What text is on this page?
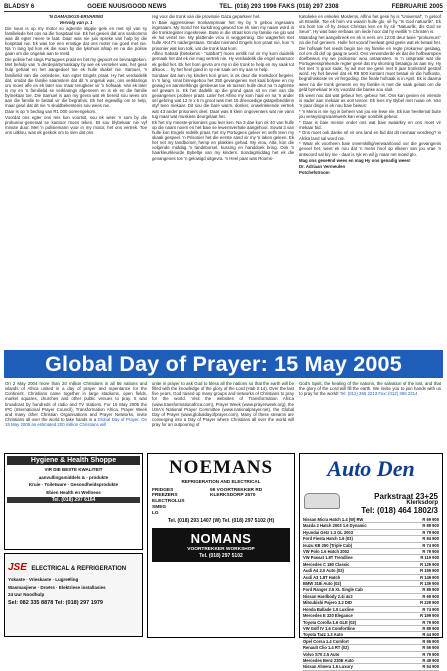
BLADSY 6	GOEIE NUUS/GOOD NEWS	TEL. (018) 293 1996 FAKS (018) 297 2308	FEBRUARIE 2005

'N DAMASKUS-ERVARING

Vervolg van p. 1

Die soun is op my motor so agterste stippie gele en met syl van sy familielede het ons na die hospitaal toe. Ek het gesien dat ons sankomms was dit egter neere te laat. Daar was nie juis spreke van hulp by die hospitaal nie. Ek was toe een ernstige dat ons moter nie goed met nie. Na 'n lang tyd kon ek die soun by die lykshuis afsap en na die polisie gaan om die ongeluk aan te meld.

Die polisie het slegs Portugees praat en het my gepoort en bevraagteken. Met behulp van 'n derdepartymaskapy by wie ek verseker was, het gesé hulp gehaal en het aangedoel toe ek hulle skakel nie. Samuel, 'n familielid van die oorledene, kon egter Engels praat. Hy het verduidelik dat, omdat die familie saamstem dat dit 'n ongeluk was, ons verklarings oru moes afle en ek later sou maar terugkeer vir 'n hofsaak. Van ek later is my en 'n familielid se verklarings afgeneem en is ek en die familie bymekaar toe. Die Samuel is aan my gevra wat ek bereid sou wees om aan die familie te betaal vir die begrafnis. Ek het ingewillig om te help, maar gesé dat dit nie 'n skuldbekentenis sou wees nie.

Daar is op 'n bedrag van R1 000 ooreengekom.

Voordat ons egter ons reis kon voortsit, sou ek weer 'n som by die prokureur-generaal se kantoor moes teken. Bt sou blybekaar nie vyf minute duur. Met 'n polisiemann voor in my motor, het ons vertrek. Toe ons uitklou, was ek geskok om te sien dat ons

reg voor die tronk van die provinsie Gaza geparkeer het.

In Baie aggressiewe tronkampmaar het my by 'n gebou ingesaam ingesaam. My mond het kurkdroog geword toe ek sien my naam word in die tronkregister ingeskrewe. Buite in die straat kon my familie nie glo wat ek hul vertel nie. My plattende vrou is woggetrang. Die wagterhet met hulle AK47's nadergestaan. Omdat niemand Engels kon praat nie, kon 'n prisonier wat kon tolk, vat die tronk laat kom.

Alfino Sabata (betekenis - "sabbat") moes eintlik not vir my kom duidelik gemaak het dat ek nie mag vertrek nie. Hy verduidelik die engel waarsoor ek gebid het. Ek het hom gevra om my in die tronk te help en my saak tot afkoos ... hy het heel goed in sy eie saak om my aan te help.

Sondaar dat aan my kinders kon groet, is ek deur die tronkdoor begelei. In 'n lang, smal binnegebou het 250 gevangenes met kaal bolywe en my gewag en aanmerklings gesleeuw toe ek tussen hulle deur na 'n agterste sel gewam is. Ek het dadelik op die grond gaan sit en met van die gevangenes probeer praat. Later het Alfino my kom haal en na 'n ander sel gebring wat 12 m x 6 m groot was met 15 drievoedige gstapelbeddens styf teen mekaar. Dit sou die bare warm, donker, onwelriekende vertrek wat 43 ander prisoniers deel. Daar was 8 klein ongeventers wat nie vann tug maar wat muskiete deurgelaat het.

Ek het my meeste-prisoniers gou leer ken. Na 3 dae kon ek 40 van hulle op die naam noem en het baie se lewensverhale aangehoor. Sowat 3 van hulle kon Engels redelik praat, het my Portugees geleer en selfs teen my skaak gespeel. 'n Prisonier het die eerste sand vir my 'n laken geleen. Ek het net my tandborsel, hemp en plakkies gehad. My vrou, Alta, kon die volgende middag 'n tandeborsel, kussing en handdoek bring. Ook 'n haarkleurkleurde Bybeltje van my kinders. Sondagmiddag het ek die gevangenes toe 'n gelowigd uitgevra. 'n Heel paar was Rooms-

Katolieke en enkeles Moslems. Alfino het gesé hy is "Universal", 'n geloof uit Brasilië. Toe ek hom vra waarin hulle glo, sê hy "In God natuurlik". Ek vra hom toe of hy Jesus Christus ken en hy sê "Natuurlik, dis God se Seun". Hy was baie verbaas om liede hoor dat hy ewitlik 'n Christen is.

Maandag het aangebreek en ek is eers om 12:00 deur twee "prokureurs" na die hof geneem. Hulle het vooraf heelwat geld geëis wat ek betaal het. Die hofsaak het reeds begin toe my familie en regte prokureur geslaag, nol om dit dof op gaag te word. Ons verwonderde ek dat die hofbeampies doelbewus my we prokureur wou ontaansten. In 'n uitspraak wat die Portugeessprekende regter gesé dat my skorsing betaalgo as aan my. Hy het met 'n groot saak, hy wil met nie gesé met 5 jaar tronkstraf gestraf word. Hy het beveel dat ek R8 500 kontant moet betaal vir die hofkoste, begrafniskoste en vir fergoding. Die finale hofsaak is in April. Ek is daarna weer na die tronk geneem en my familie is met die saak gelaat om die geld bymekaar te kry voordat die banke sou sluit.

Ek weet nou dat wat gebeur het, gebeur het. Ons kan gesien en vriende is nader aan mekaar as ooit tevore. Ek lees my Bybel met nuwe oë. Van 'n paar dinge is ek nou baie bewus:

* 'n Mens is nie ryg in beheer van jou eie lewe nie. Ek kan heeltemal buite jou verwysingsraamwerk kan enige oomblik gebeur.

* Daar is baie mense onder ons wat baie swaarkry en ons moet vir mekaar bid.

* Ons moet ook danke sê vir ons land en bid dat dit niemaar wordeng? in Afrika land sal word nie.

* Waar ek voorheen baie onverskillig/verwaarloosd oor die gevangenis gevoel het, weet ek nou dat 'n mens hoof op elkeen van jou vrae 'n antwoord sal kry nie - daar is ryk en wil jy maar net moed glo.

Mag ons geseënd wees en mag Hy ons genadig wees!

Dr. Adriaan Vermeulen

Potchefstroom

Global Day of Prayer: 15 May 2005
On 2 May 2004 more than 20 million Christians in all 56 nations and islands of Africa united in a day of prayer and repentance for the Continent. Christians came together in large stadiums, open fields, market squares, churches and other public venues to pray. It was broadcast by hundreds of radio and TV stations. For 15 May 2005 the IPC (International Prayer Council), Transformation Africa, Prayer Week and many other Christian Organisations and Prayer Networks, invite Christians all over the world to take hands in a Global Day of Prayer. On 15 May 2005 an estimated 200 million Christians will
unite in prayer to ask God to bless all the nations so that the earth will be filled with the knowledge of the glory of the Lord (Hab 2:14). Over the last five years, God raised up many groups and networks of Christians to pray for the world. Visit the websites of Transformation Africa (www.transformationafrica.com), Prayer Week (www.prayerweek.org), the USA's National Prayer Committee (www.nationalprayer.net), the Global Day of Prayer (www.globaldayofprayer.com). Many of these streams are converging into a Day of Prayer where Christians all over the world will pray for an outpouring of
God's Spirit, the healing of the nations, the salvation of the lost, and that the glory of the Lord will fill the earth. We invite you to join hands with us to pray for the world! Tel: (012) 365 2213 Fax: (012) 365 2214
Hygiene & Health Shoppe
VIR DIE BESTE KWALITEIT
aanvullingsmiddels & - produkte
Kruie · Toiletware · Gesondheidsprodukte
Ebien Health en Wellness
Tel. (018) 297 6164
JSE ELECTRICAL & REFRIGERATION
Yskaste · Vrieskaste · Lugreëling
Wasmasjiene · Droërs · Elektriese installasies
24 Uur Noodhulp
Sel: 082 335 8878 Tel: (018) 297 1979
NOEMANS
REFRIGERATION AND ELECTRICAL
FRIDGES
FREEZERS
ELECTROLUX
SMEG
LG
59 VOORTREKKER RD KLERKSDORP 2570
Tel. (018) 293 1407 (W) Tel. (018) 297 5102 (H)
NOMANS
VOORTREKKER WORKSHOP
Tel. (018) 297 5102
Auto Den
Parkstraat 23+25
Klerksdorp
Tel: (018) 464 1802/3
Nissan Micra Hatch 1.4 (W) RW	R 69 900
Mazda 2 Hatch 2003 1.6 Dynamic	R 89 900
Hyundai Getz 1.3 GL 2003	R 79 900
Ford Fiesta Hatch 1.6 (03)	R 84 900
Isuzu KB 250 (Triple Cab)	R 74 900
VW Polo 1.6 Hatch 2002	R 79 900
VW Passat 1.8T Trendline	R 119 900
Mercedes C 180 Classic	R 129 900
Audi A4 2.0 Auto (03)	R 159 900
Audi A3 1.8T Hatch	R 149 900
BMW 318i Auto (02)	R 139 900
Ford Ranger 2.5 XL Single Cab	R 89 900
Nissan Hardbody 2.4i 4x2	R 69 900
Mitsubishi Pajero 3.2 DID	R 229 900
Honda Ballade 1.5 Luxline	R 74 900
Mercedes E 320 Elegance	R 199 900
Toyota Corolla 1.6 GLE (02)	R 79 900
VW Golf IV 1.6 Comfortline	R 89 900
Toyota Tazz 1.3 Auto	R 44 900
Opel Corsa 1.4 Comfort	R 59 900
Renault Clio 1.4 RT (02)	R 59 900
Volvo S70 2.5 Auto	R 79 900
Mercedes Benz 230E Auto	R 49 900
Nissan Almera 1.6 Luxury	R 54 900
